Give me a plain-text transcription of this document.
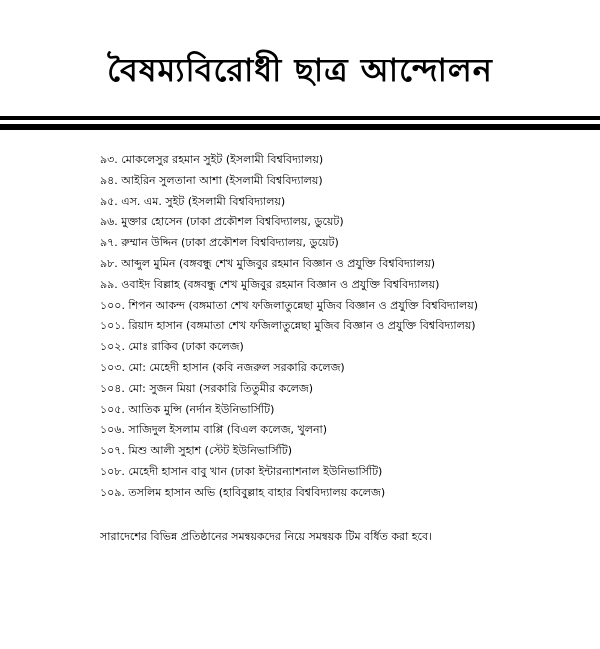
বৈষম্যবিরোধী ছাত্র আন্দোলন
৯৩. মোকলেসুর রহমান সুইট (ইসলামী বিশ্ববিদ্যালয়)
৯৪. আইরিন সুলতানা আশা (ইসলামী বিশ্ববিদ্যালয়)
৯৫. এস. এম. সুইট (ইসলামী বিশ্ববিদ্যালয়)
৯৬. মুক্তার হোসেন (ঢাকা প্রকৌশল বিশ্ববিদ্যালয়, ডুয়েট)
৯৭. রুম্মান উদ্দিন (ঢাকা প্রকৌশল বিশ্ববিদ্যালয়, ডুয়েট)
৯৮. আব্দুল মুমিন (বঙ্গবন্ধু শেখ মুজিবুর রহমান বিজ্ঞান ও প্রযুক্তি বিশ্ববিদ্যালয়)
৯৯. ওবাইদ বিল্লাহ (বঙ্গবন্ধু শেখ মুজিবুর রহমান বিজ্ঞান ও প্রযুক্তি বিশ্ববিদ্যালয়)
১০০. শিপন আকন্দ (বঙ্গমাতা শেখ ফজিলাতুন্নেছা মুজিব বিজ্ঞান ও প্রযুক্তি বিশ্ববিদ্যালয়)
১০১. রিয়াদ হাসান (বঙ্গমাতা শেখ ফজিলাতুন্নেছা মুজিব বিজ্ঞান ও প্রযুক্তি বিশ্ববিদ্যালয়)
১০২. মোঃ রাকিব (ঢাকা কলেজ)
১০৩. মো: মেহেদী হাসান (কবি নজরুল সরকারি কলেজ)
১০৪. মো: সুজন মিয়া (সরকারি তিতুমীর কলেজ)
১০৫. আতিক মুন্সি (নর্দান ইউনিভার্সিটি)
১০৬. সাজিদুল ইসলাম বাপ্পি (বিএল কলেজ, খুলনা)
১০৭. মিশু আলী সুহাশ (স্টেট ইউনিভার্সিটি)
১০৮. মেহেদী হাসান বাবু খান (ঢাকা ইন্টারন্যাশনাল ইউনিভার্সিটি)
১০৯. তসলিম হাসান অভি (হাবিবুল্লাহ বাহার বিশ্ববিদ্যালয় কলেজ)
সারাদেশের বিভিন্ন প্রতিষ্ঠানের সমন্বয়কদের নিয়ে সমন্বয়ক টিম বর্ধিত করা হবে।
